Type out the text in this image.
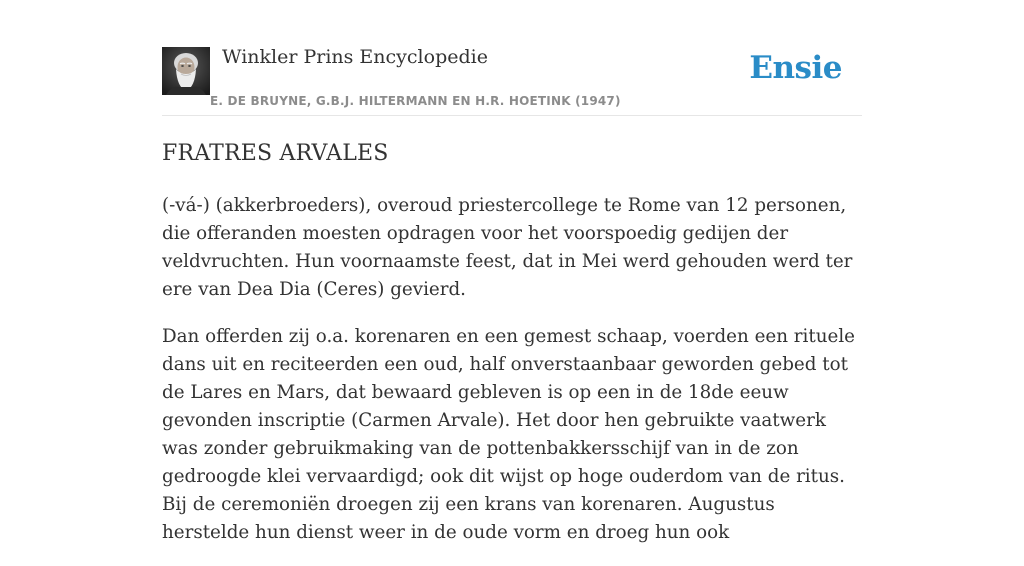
Winkler Prins Encyclopedie
E. DE BRUYNE, G.B.J. HILTERMANN EN H.R. HOETINK (1947)
Ensie
FRATRES ARVALES

(-vá-) (akkerbroeders), overoud priestercollege te Rome van 12 personen, die offeranden moesten opdragen voor het voorspoedig gedijen der veldvruchten. Hun voornaamste feest, dat in Mei werd gehouden werd ter ere van Dea Dia (Ceres) gevierd.

Dan offerden zij o.a. korenaren en een gemest schaap, voerden een rituele dans uit en reciteerden een oud, half onverstaanbaar geworden gebed tot de Lares en Mars, dat bewaard gebleven is op een in de 18de eeuw gevonden inscriptie (Carmen Arvale). Het door hen gebruikte vaatwerk was zonder gebruikmaking van de pottenbakkersschijf van in de zon gedroogde klei vervaardigd; ook dit wijst op hoge ouderdom van de ritus. Bij de ceremoniën droegen zij een krans van korenaren. Augustus herstelde hun dienst weer in de oude vorm en droeg hun ook
